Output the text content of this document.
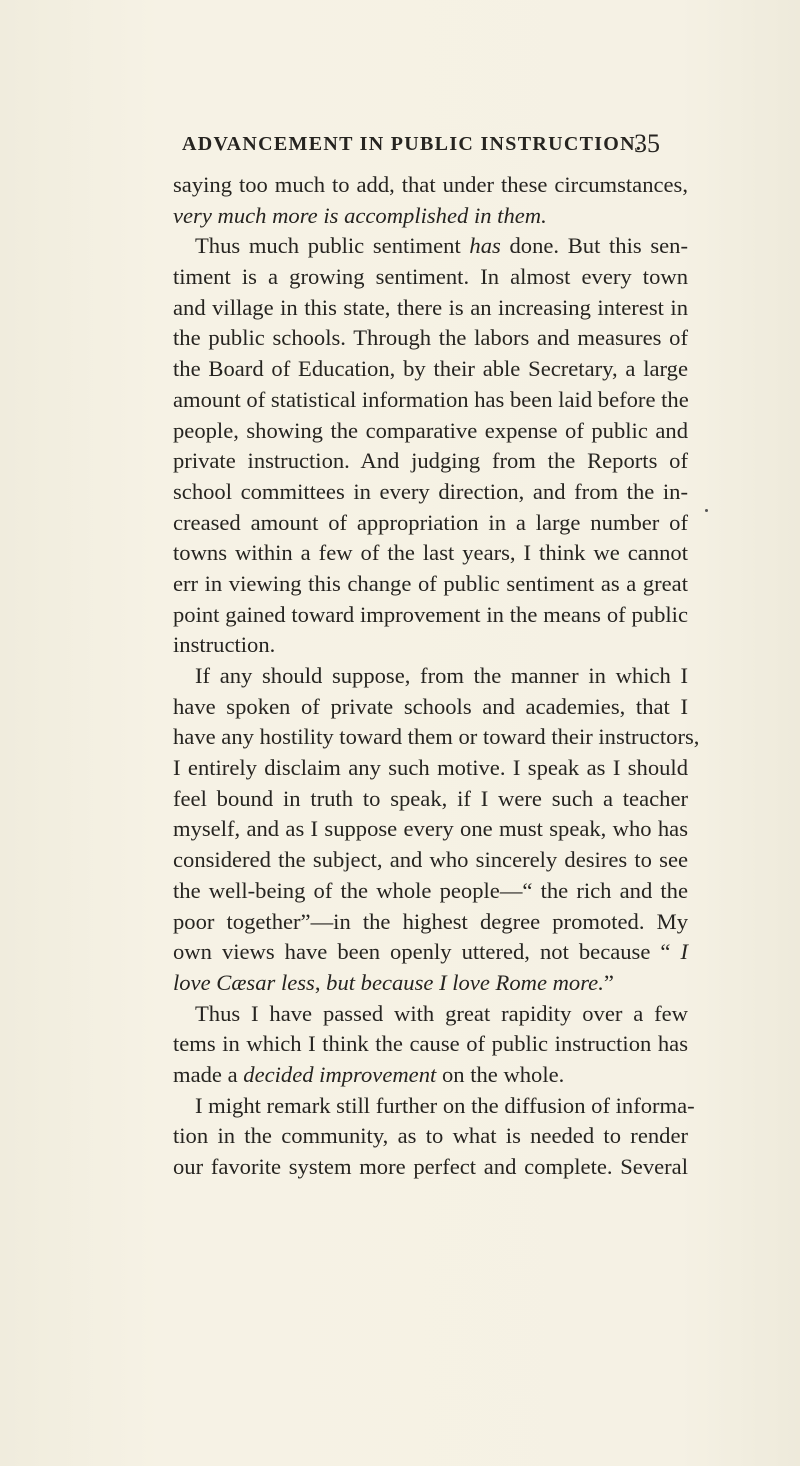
ADVANCEMENT IN PUBLIC INSTRUCTION.
35
saying too much to add, that under these circumstances,
very much more is accomplished in them.
Thus much public sentiment has done. But this sen-
timent is a growing sentiment. In almost every town
and village in this state, there is an increasing interest in
the public schools. Through the labors and measures of
the Board of Education, by their able Secretary, a large
amount of statistical information has been laid before the
people, showing the comparative expense of public and
private instruction. And judging from the Reports of
school committees in every direction, and from the in-
creased amount of appropriation in a large number of
towns within a few of the last years, I think we cannot
err in viewing this change of public sentiment as a great
point gained toward improvement in the means of public
instruction.
If any should suppose, from the manner in which I
have spoken of private schools and academies, that I
have any hostility toward them or toward their instructors,
I entirely disclaim any such motive. I speak as I should
feel bound in truth to speak, if I were such a teacher
myself, and as I suppose every one must speak, who has
considered the subject, and who sincerely desires to see
the well-being of the whole people—“ the rich and the
poor together”—in the highest degree promoted. My
own views have been openly uttered, not because “ I
love Cæsar less, but because I love Rome more.”
Thus I have passed with great rapidity over a few
tems in which I think the cause of public instruction has
made a decided improvement on the whole.
I might remark still further on the diffusion of informa-
tion in the community, as to what is needed to render
our favorite system more perfect and complete. Several
